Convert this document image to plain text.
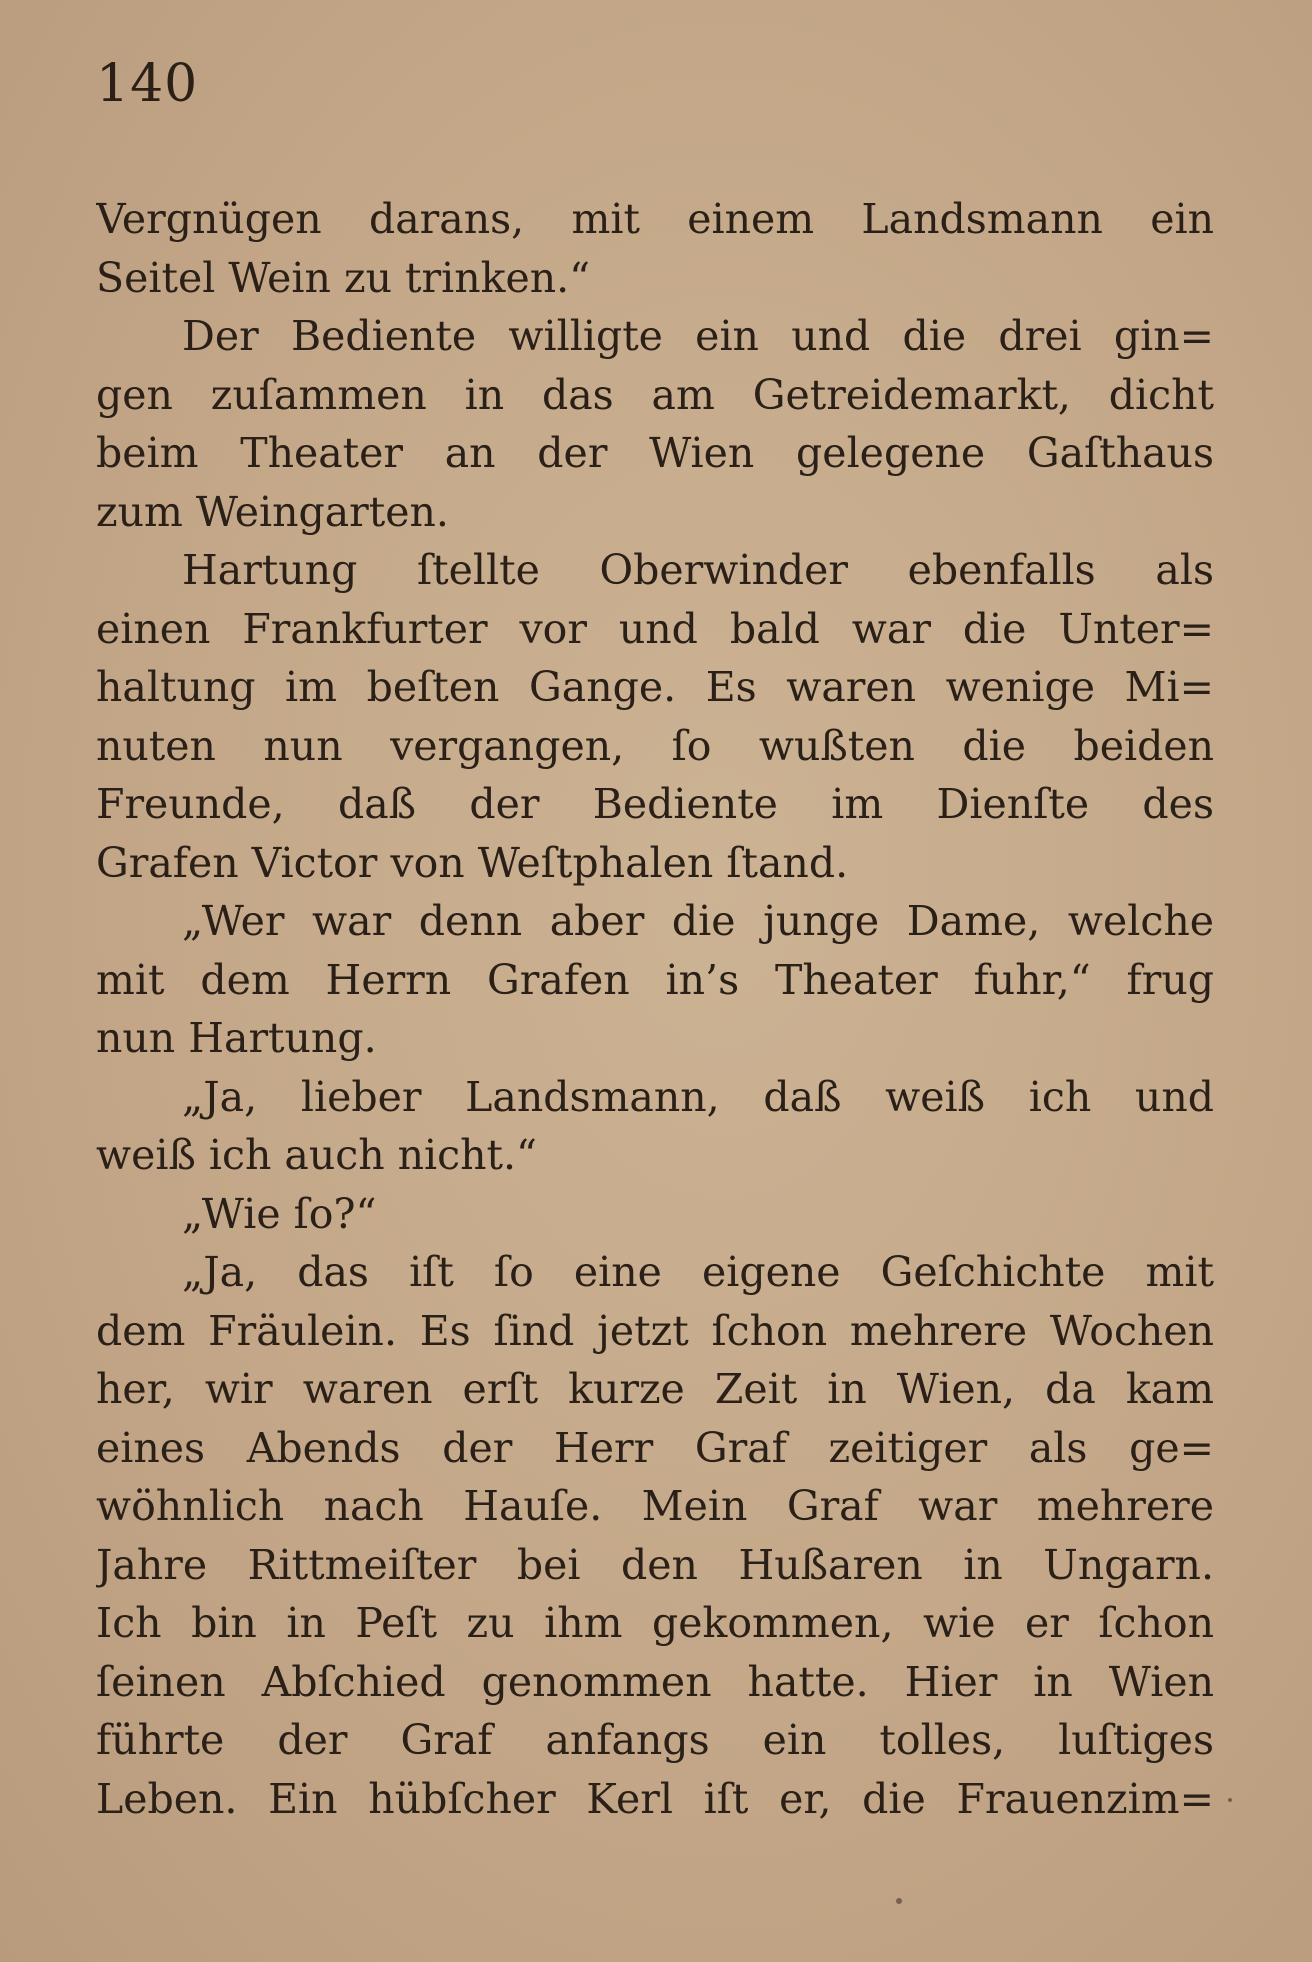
140

Vergnügen darans, mit einem Landsmann ein
Seitel Wein zu trinken.“
Der Bediente willigte ein und die drei gin=
gen zuſammen in das am Getreidemarkt, dicht
beim Theater an der Wien gelegene Gaſthaus
zum Weingarten.
Hartung ſtellte Oberwinder ebenfalls als
einen Frankfurter vor und bald war die Unter=
haltung im beſten Gange. Es waren wenige Mi=
nuten nun vergangen, ſo wußten die beiden
Freunde, daß der Bediente im Dienſte des
Grafen Victor von Weſtphalen ſtand.
„Wer war denn aber die junge Dame, welche
mit dem Herrn Grafen in’s Theater fuhr,“ frug
nun Hartung.
„Ja, lieber Landsmann, daß weiß ich und
weiß ich auch nicht.“
„Wie ſo?“
„Ja, das iſt ſo eine eigene Geſchichte mit
dem Fräulein. Es ſind jetzt ſchon mehrere Wochen
her, wir waren erſt kurze Zeit in Wien, da kam
eines Abends der Herr Graf zeitiger als ge=
wöhnlich nach Hauſe. Mein Graf war mehrere
Jahre Rittmeiſter bei den Hußaren in Ungarn.
Ich bin in Peſt zu ihm gekommen, wie er ſchon
ſeinen Abſchied genommen hatte. Hier in Wien
führte der Graf anfangs ein tolles, luſtiges
Leben. Ein hübſcher Kerl iſt er, die Frauenzim=
